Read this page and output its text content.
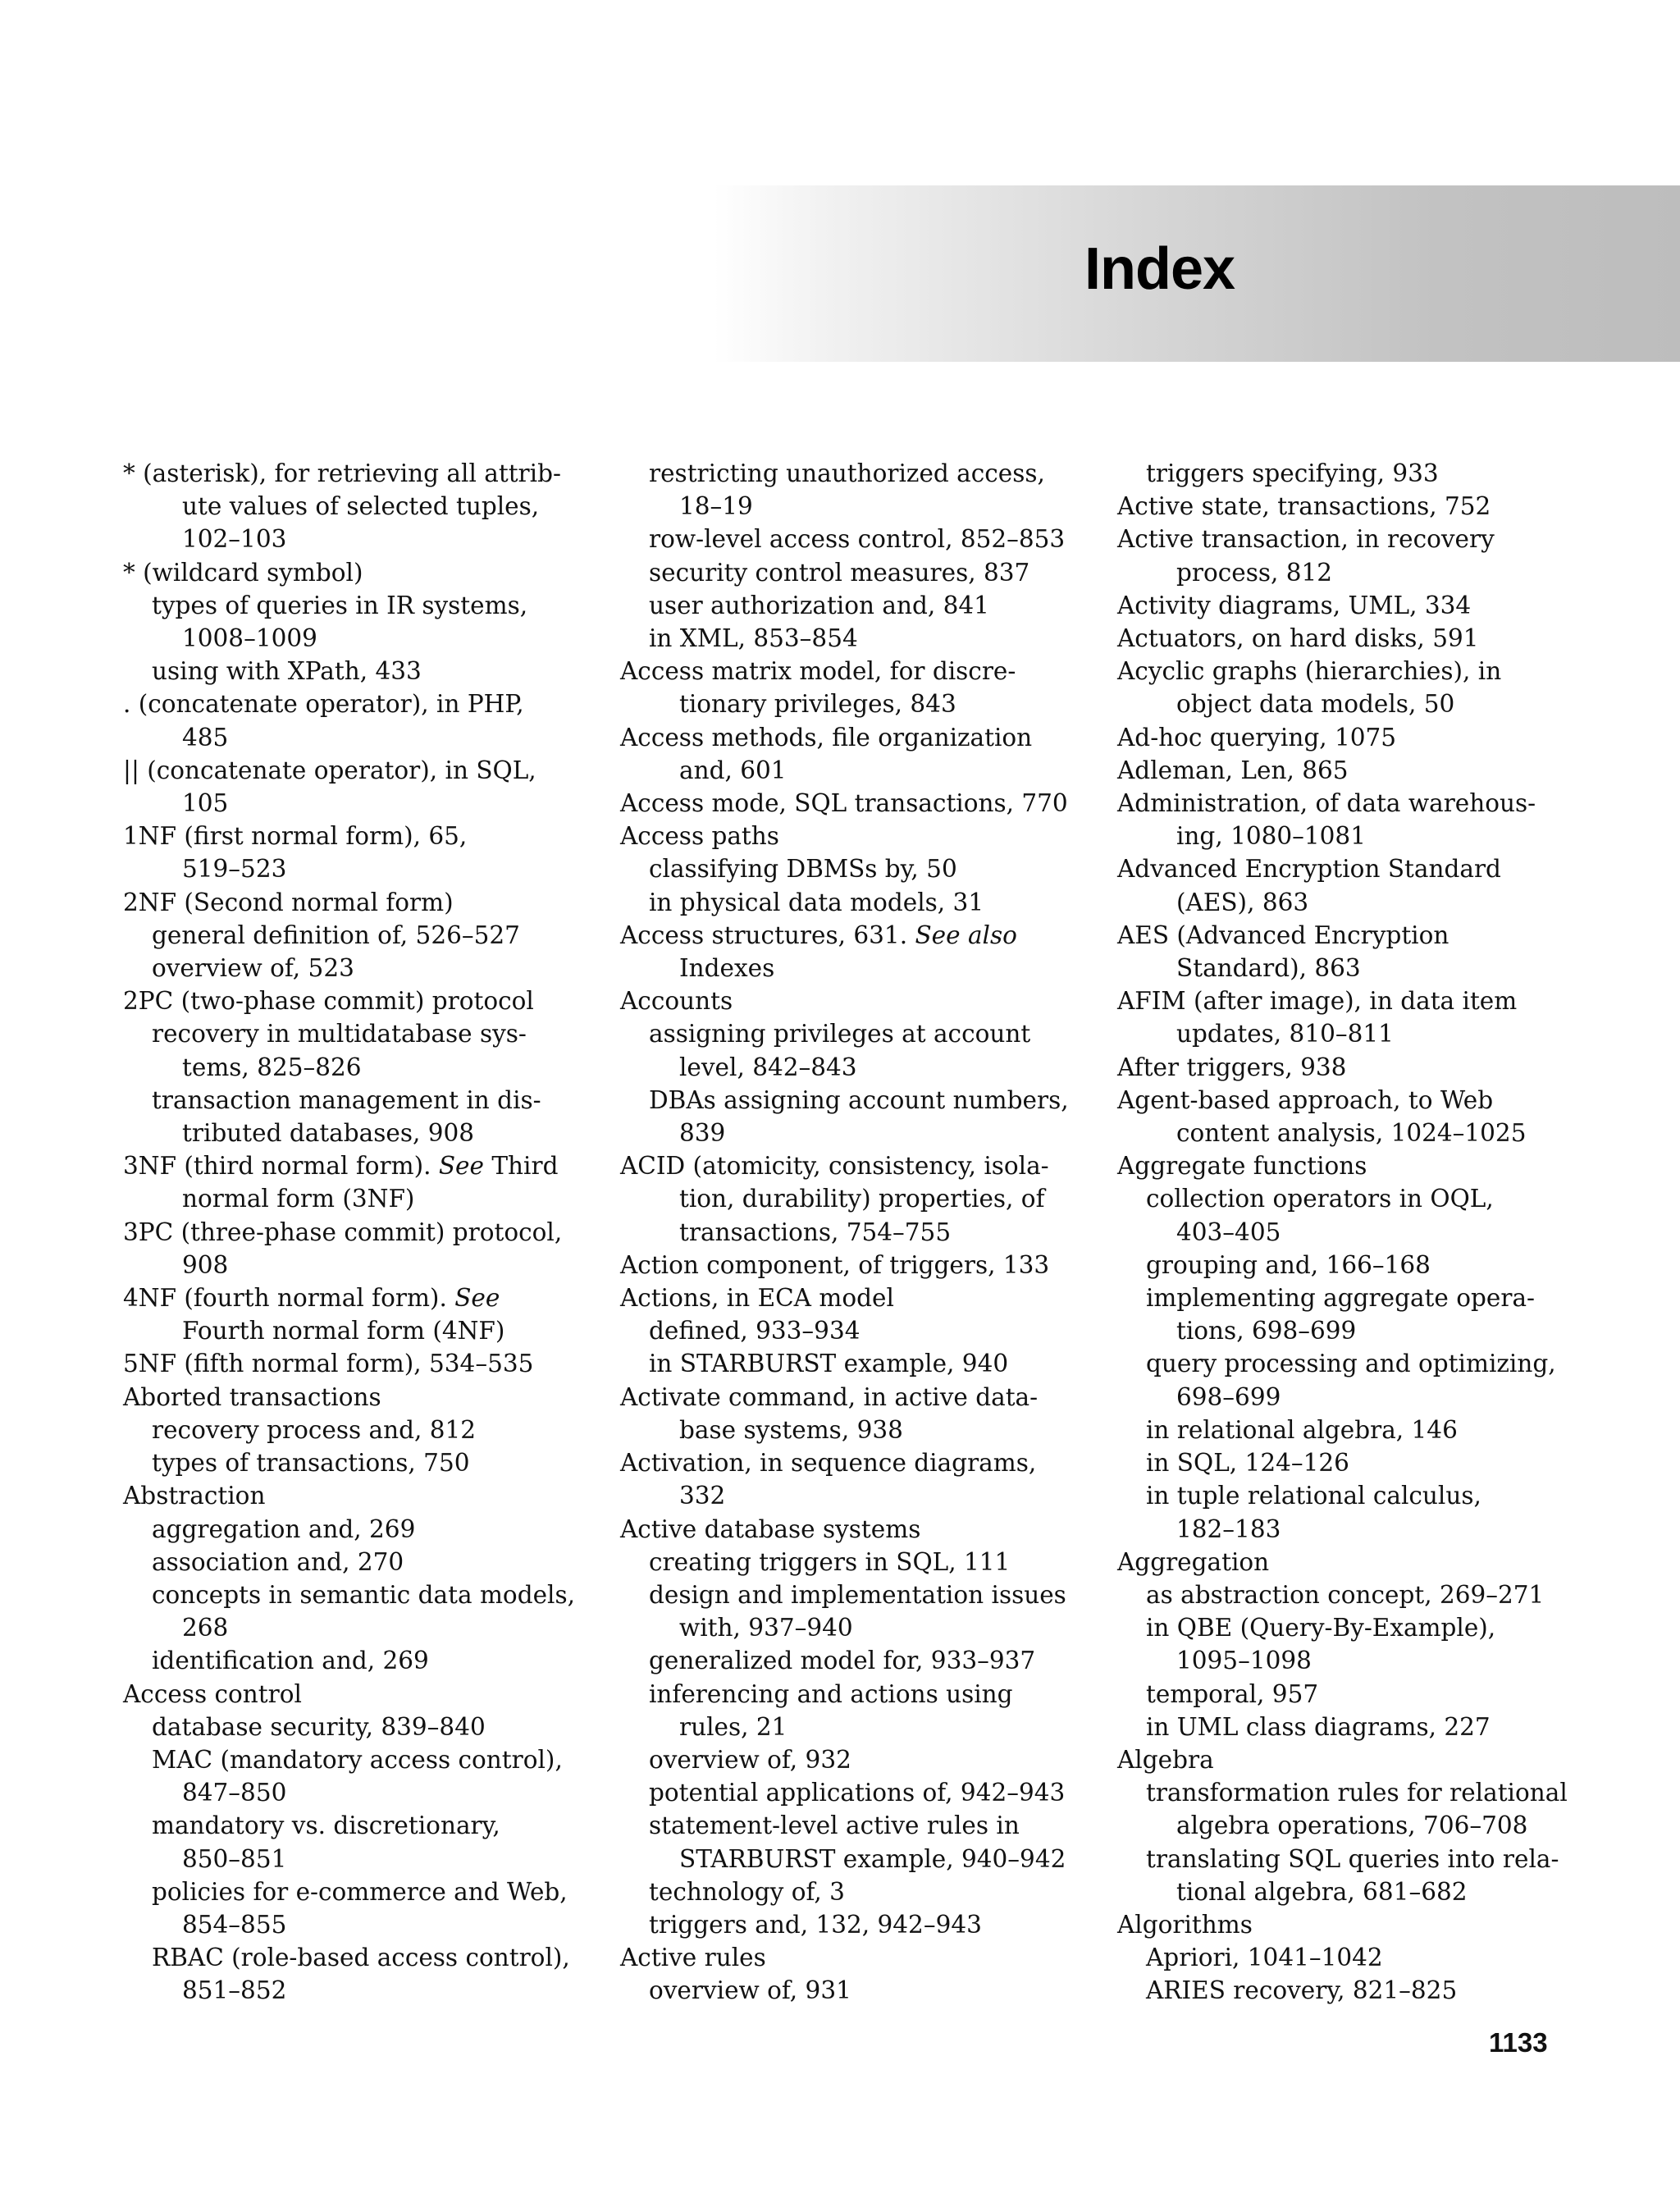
Index
* (asterisk), for retrieving all attrib-
ute values of selected tuples,
102–103
* (wildcard symbol)
types of queries in IR systems,
1008–1009
using with XPath, 433
. (concatenate operator), in PHP,
485
|| (concatenate operator), in SQL,
105
1NF (first normal form), 65,
519–523
2NF (Second normal form)
general definition of, 526–527
overview of, 523
2PC (two-phase commit) protocol
recovery in multidatabase sys-
tems, 825–826
transaction management in dis-
tributed databases, 908
3NF (third normal form). See Third
normal form (3NF)
3PC (three-phase commit) protocol,
908
4NF (fourth normal form). See
Fourth normal form (4NF)
5NF (fifth normal form), 534–535
Aborted transactions
recovery process and, 812
types of transactions, 750
Abstraction
aggregation and, 269
association and, 270
concepts in semantic data models,
268
identification and, 269
Access control
database security, 839–840
MAC (mandatory access control),
847–850
mandatory vs. discretionary,
850–851
policies for e-commerce and Web,
854–855
RBAC (role-based access control),
851–852
restricting unauthorized access,
18–19
row-level access control, 852–853
security control measures, 837
user authorization and, 841
in XML, 853–854
Access matrix model, for discre-
tionary privileges, 843
Access methods, file organization
and, 601
Access mode, SQL transactions, 770
Access paths
classifying DBMSs by, 50
in physical data models, 31
Access structures, 631. See also
Indexes
Accounts
assigning privileges at account
level, 842–843
DBAs assigning account numbers,
839
ACID (atomicity, consistency, isola-
tion, durability) properties, of
transactions, 754–755
Action component, of triggers, 133
Actions, in ECA model
defined, 933–934
in STARBURST example, 940
Activate command, in active data-
base systems, 938
Activation, in sequence diagrams,
332
Active database systems
creating triggers in SQL, 111
design and implementation issues
with, 937–940
generalized model for, 933–937
inferencing and actions using
rules, 21
overview of, 932
potential applications of, 942–943
statement-level active rules in
STARBURST example, 940–942
technology of, 3
triggers and, 132, 942–943
Active rules
overview of, 931
triggers specifying, 933
Active state, transactions, 752
Active transaction, in recovery
process, 812
Activity diagrams, UML, 334
Actuators, on hard disks, 591
Acyclic graphs (hierarchies), in
object data models, 50
Ad-hoc querying, 1075
Adleman, Len, 865
Administration, of data warehous-
ing, 1080–1081
Advanced Encryption Standard
(AES), 863
AES (Advanced Encryption
Standard), 863
AFIM (after image), in data item
updates, 810–811
After triggers, 938
Agent-based approach, to Web
content analysis, 1024–1025
Aggregate functions
collection operators in OQL,
403–405
grouping and, 166–168
implementing aggregate opera-
tions, 698–699
query processing and optimizing,
698–699
in relational algebra, 146
in SQL, 124–126
in tuple relational calculus,
182–183
Aggregation
as abstraction concept, 269–271
in QBE (Query-By-Example),
1095–1098
temporal, 957
in UML class diagrams, 227
Algebra
transformation rules for relational
algebra operations, 706–708
translating SQL queries into rela-
tional algebra, 681–682
Algorithms
Apriori, 1041–1042
ARIES recovery, 821–825
1133
